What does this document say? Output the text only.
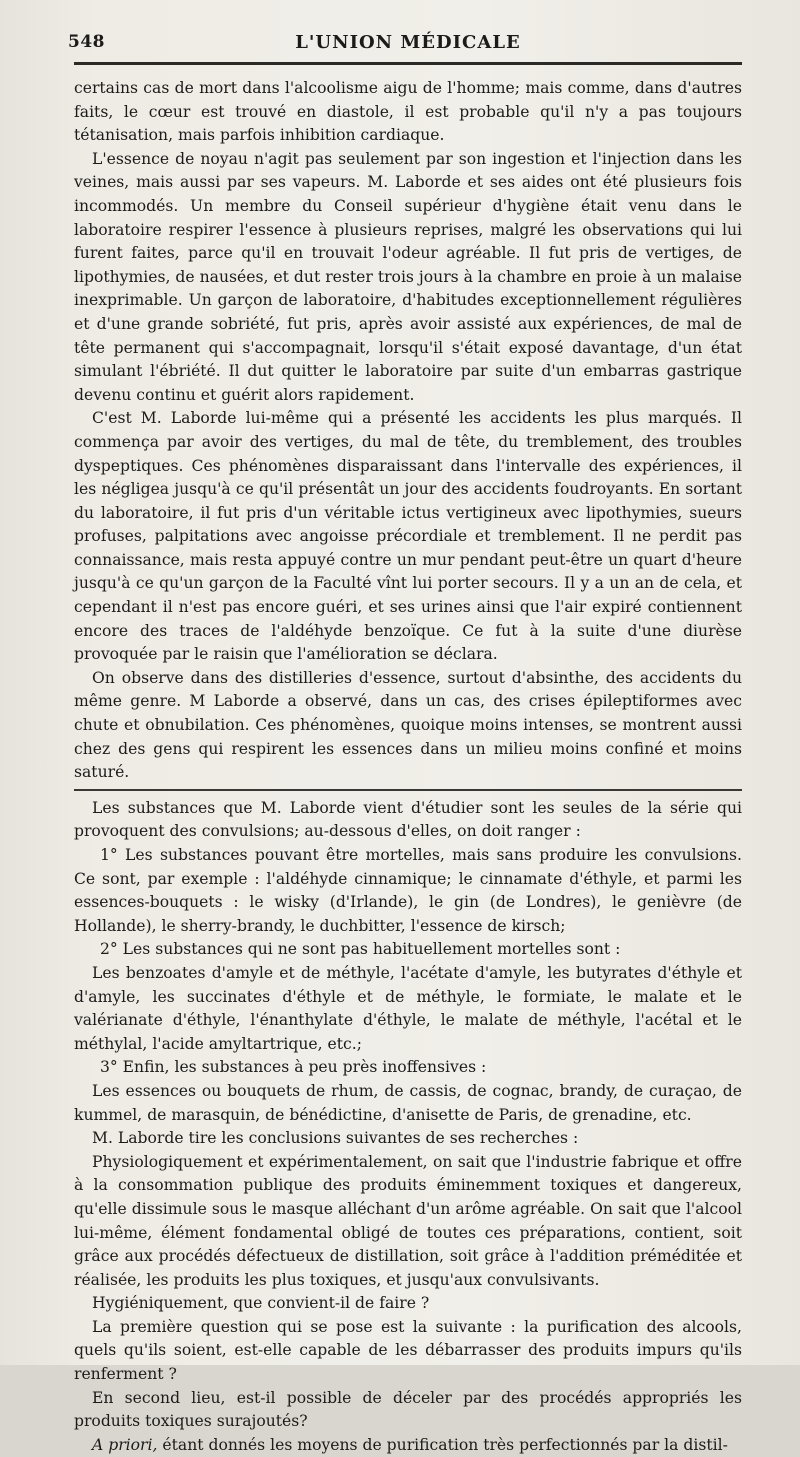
548	L'UNION MÉDICALE

certains cas de mort dans l'alcoolisme aigu de l'homme; mais comme, dans d'autres faits, le cœur est trouvé en diastole, il est probable qu'il n'y a pas toujours tétanisation, mais parfois inhibition cardiaque.

L'essence de noyau n'agit pas seulement par son ingestion et l'injection dans les veines, mais aussi par ses vapeurs. M. Laborde et ses aides ont été plusieurs fois incommodés. Un membre du Conseil supérieur d'hygiène était venu dans le laboratoire respirer l'essence à plusieurs reprises, malgré les observations qui lui furent faites, parce qu'il en trouvait l'odeur agréable. Il fut pris de vertiges, de lipothymies, de nausées, et dut rester trois jours à la chambre en proie à un malaise inexprimable. Un garçon de laboratoire, d'habitudes exceptionnellement régulières et d'une grande sobriété, fut pris, après avoir assisté aux expériences, de mal de tête permanent qui s'accompagnait, lorsqu'il s'était exposé davantage, d'un état simulant l'ébriété. Il dut quitter le laboratoire par suite d'un embarras gastrique devenu continu et guérit alors rapidement.

C'est M. Laborde lui-même qui a présenté les accidents les plus marqués. Il commença par avoir des vertiges, du mal de tête, du tremblement, des troubles dyspeptiques. Ces phénomènes disparaissant dans l'intervalle des expériences, il les négligea jusqu'à ce qu'il présentât un jour des accidents foudroyants. En sortant du laboratoire, il fut pris d'un véritable ictus vertigineux avec lipothymies, sueurs profuses, palpitations avec angoisse précordiale et tremblement. Il ne perdit pas connaissance, mais resta appuyé contre un mur pendant peut-être un quart d'heure jusqu'à ce qu'un garçon de la Faculté vînt lui porter secours. Il y a un an de cela, et cependant il n'est pas encore guéri, et ses urines ainsi que l'air expiré contiennent encore des traces de l'aldéhyde benzoïque. Ce fut à la suite d'une diurèse provoquée par le raisin que l'amélioration se déclara.

On observe dans des distilleries d'essence, surtout d'absinthe, des accidents du même genre. M Laborde a observé, dans un cas, des crises épileptiformes avec chute et obnubilation. Ces phénomènes, quoique moins intenses, se montrent aussi chez des gens qui respirent les essences dans un milieu moins confiné et moins saturé.

Les substances que M. Laborde vient d'étudier sont les seules de la série qui provoquent des convulsions; au-dessous d'elles, on doit ranger :

1° Les substances pouvant être mortelles, mais sans produire les convulsions. Ce sont, par exemple : l'aldéhyde cinnamique; le cinnamate d'éthyle, et parmi les essences-bouquets : le wisky (d'Irlande), le gin (de Londres), le genièvre (de Hollande), le sherry-brandy, le duchbitter, l'essence de kirsch;

2° Les substances qui ne sont pas habituellement mortelles sont :

Les benzoates d'amyle et de méthyle, l'acétate d'amyle, les butyrates d'éthyle et d'amyle, les succinates d'éthyle et de méthyle, le formiate, le malate et le valérianate d'éthyle, l'énanthylate d'éthyle, le malate de méthyle, l'acétal et le méthylal, l'acide amyltartrique, etc.;

3° Enfin, les substances à peu près inoffensives :

Les essences ou bouquets de rhum, de cassis, de cognac, brandy, de curaçao, de kummel, de marasquin, de bénédictine, d'anisette de Paris, de grenadine, etc.

M. Laborde tire les conclusions suivantes de ses recherches :

Physiologiquement et expérimentalement, on sait que l'industrie fabrique et offre à la consommation publique des produits éminemment toxiques et dangereux, qu'elle dissimule sous le masque alléchant d'un arôme agréable. On sait que l'alcool lui-même, élément fondamental obligé de toutes ces préparations, contient, soit grâce aux procédés défectueux de distillation, soit grâce à l'addition préméditée et réalisée, les produits les plus toxiques, et jusqu'aux convulsivants.

Hygiéniquement, que convient-il de faire ?

La première question qui se pose est la suivante : la purification des alcools, quels qu'ils soient, est-elle capable de les débarrasser des produits impurs qu'ils renferment ?

En second lieu, est-il possible de déceler par des procédés appropriés les produits toxiques surajoutés?

A priori, étant donnés les moyens de purification très perfectionnés par la distil-
